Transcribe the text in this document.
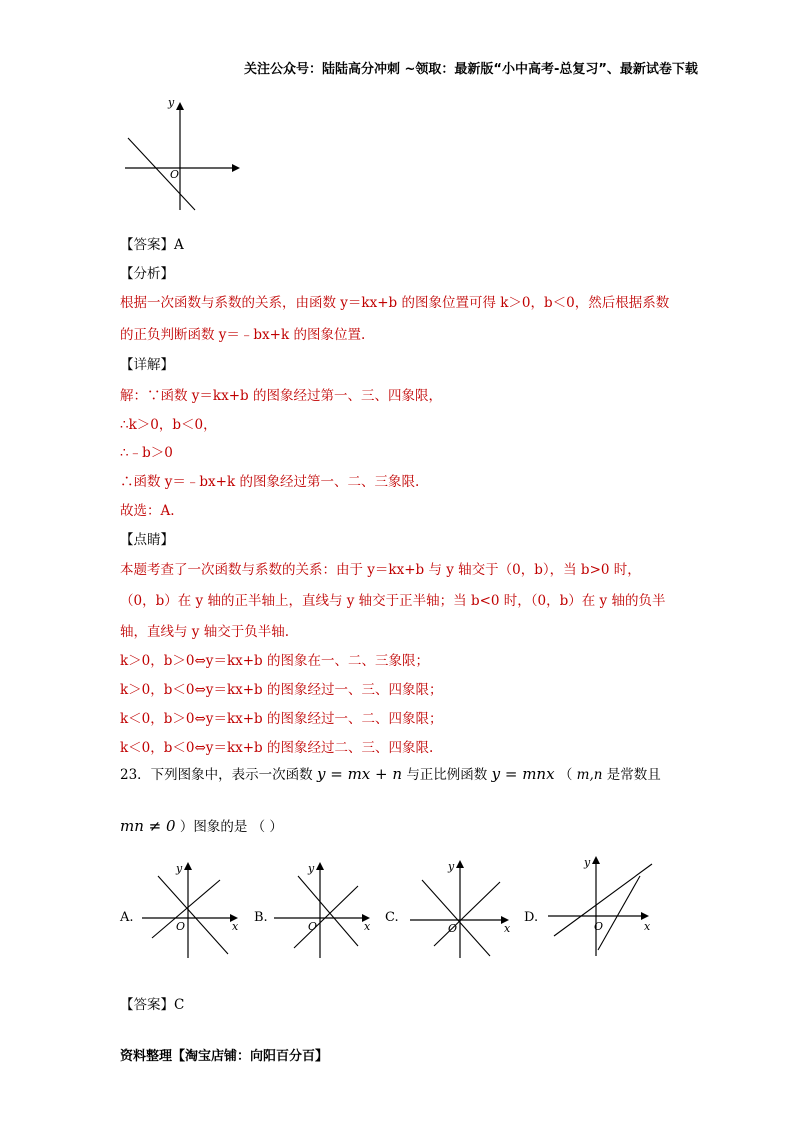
关注公众号：陆陆高分冲刺 ~领取：最新版“小中高考-总复习”、最新试卷下载
y
O
【答案】A
【分析】
根据一次函数与系数的关系，由函数 y＝kx+b 的图象位置可得 k＞0，b＜0，然后根据系数
的正负判断函数 y＝﹣bx+k 的图象位置.
【详解】
解：∵函数 y＝kx+b 的图象经过第一、三、四象限，
∴k＞0，b＜0，
∴﹣b＞0
∴函数 y＝﹣bx+k 的图象经过第一、二、三象限.
故选：A.
【点睛】
本题考查了一次函数与系数的关系：由于 y＝kx+b 与 y 轴交于（0，b），当 b>0 时，
（0，b）在 y 轴的正半轴上，直线与 y 轴交于正半轴；当 b<0 时，（0，b）在 y 轴的负半
轴，直线与 y 轴交于负半轴.
k＞0，b＞0⇔y＝kx+b 的图象在一、二、三象限；
k＞0，b＜0⇔y＝kx+b 的图象经过一、三、四象限；
k＜0，b＞0⇔y＝kx+b 的图象经过一、二、四象限；
k＜0，b＜0⇔y＝kx+b 的图象经过二、三、四象限.
23．下列图象中，表示一次函数 y = mx + n 与正比例函数 y = mnx （ m,n 是常数且
mn ≠ 0 ）图象的是 （ ）
A.
y
O	x
B.
y
O	x
C.
y
O	x
D.
y
O	x
【答案】C
资料整理【淘宝店铺：向阳百分百】
